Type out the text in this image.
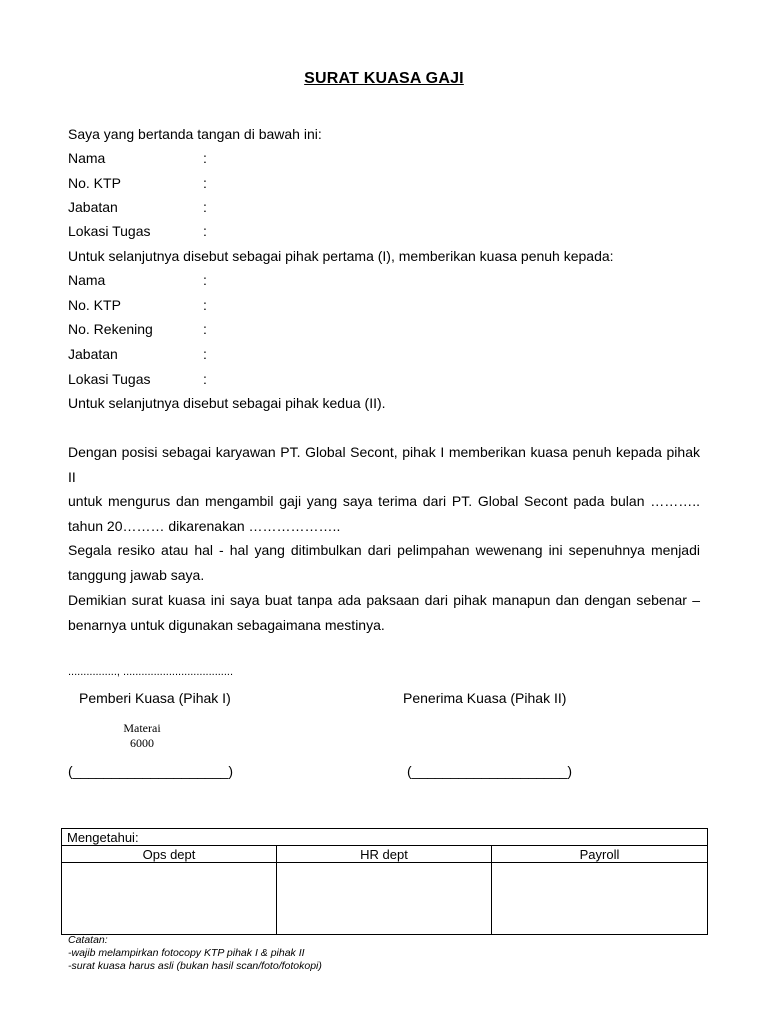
SURAT KUASA GAJI
Saya yang bertanda tangan di bawah ini:
Nama	:
No. KTP	:
Jabatan	:
Lokasi Tugas	:
Untuk selanjutnya disebut sebagai pihak pertama (I), memberikan kuasa penuh kepada:
Nama	:
No. KTP	:
No. Rekening	:
Jabatan	:
Lokasi Tugas	:
Untuk selanjutnya disebut sebagai pihak kedua (II).
Dengan posisi sebagai karyawan PT. Global Secont, pihak I memberikan kuasa penuh kepada pihak II
untuk mengurus dan mengambil gaji yang saya terima dari PT. Global Secont pada bulan ………..
tahun 20……… dikarenakan ………………..
Segala resiko atau hal - hal yang ditimbulkan dari pelimpahan wewenang ini sepenuhnya menjadi
tanggung jawab saya.
Demikian surat kuasa ini saya buat tanpa ada paksaan dari pihak manapun dan dengan sebenar –
benarnya untuk digunakan sebagaimana mestinya.
................, ....................................
Pemberi Kuasa (Pihak I)	Penerima Kuasa (Pihak II)
Materai
6000
(____________________)	(____________________)
Mengetahui:		
Ops dept	HR dept	Payroll

Catatan:
-wajib melampirkan fotocopy KTP pihak I & pihak II
-surat kuasa harus asli (bukan hasil scan/foto/fotokopi)
